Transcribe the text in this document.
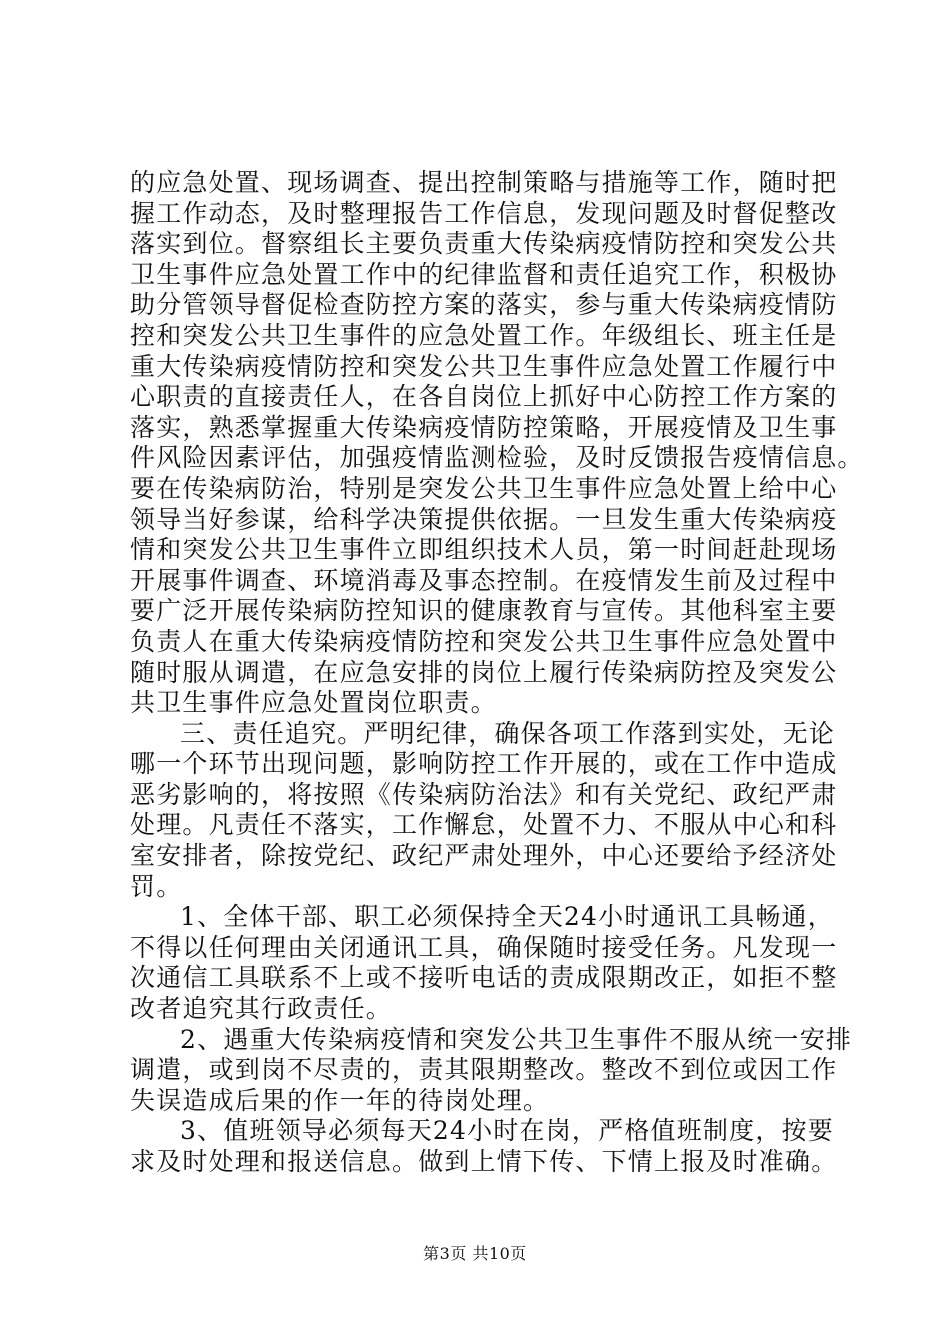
的应急处置、现场调查、提出控制策略与措施等工作，随时把
握工作动态，及时整理报告工作信息，发现问题及时督促整改
落实到位。督察组长主要负责重大传染病疫情防控和突发公共
卫生事件应急处置工作中的纪律监督和责任追究工作，积极协
助分管领导督促检查防控方案的落实，参与重大传染病疫情防
控和突发公共卫生事件的应急处置工作。年级组长、班主任是
重大传染病疫情防控和突发公共卫生事件应急处置工作履行中
心职责的直接责任人，在各自岗位上抓好中心防控工作方案的
落实，熟悉掌握重大传染病疫情防控策略，开展疫情及卫生事
件风险因素评估，加强疫情监测检验，及时反馈报告疫情信息。
要在传染病防治，特别是突发公共卫生事件应急处置上给中心
领导当好参谋，给科学决策提供依据。一旦发生重大传染病疫
情和突发公共卫生事件立即组织技术人员，第一时间赶赴现场
开展事件调查、环境消毒及事态控制。在疫情发生前及过程中
要广泛开展传染病防控知识的健康教育与宣传。其他科室主要
负责人在重大传染病疫情防控和突发公共卫生事件应急处置中
随时服从调遣，在应急安排的岗位上履行传染病防控及突发公
共卫生事件应急处置岗位职责。
三、责任追究。严明纪律，确保各项工作落到实处，无论
哪一个环节出现问题，影响防控工作开展的，或在工作中造成
恶劣影响的，将按照《传染病防治法》和有关党纪、政纪严肃
处理。凡责任不落实，工作懈怠，处置不力、不服从中心和科
室安排者，除按党纪、政纪严肃处理外，中心还要给予经济处
罚。
1、全体干部、职工必须保持全天24小时通讯工具畅通，
不得以任何理由关闭通讯工具，确保随时接受任务。凡发现一
次通信工具联系不上或不接听电话的责成限期改正，如拒不整
改者追究其行政责任。
2、遇重大传染病疫情和突发公共卫生事件不服从统一安排
调遣，或到岗不尽责的，责其限期整改。整改不到位或因工作
失误造成后果的作一年的待岗处理。
3、值班领导必须每天24小时在岗，严格值班制度，按要
求及时处理和报送信息。做到上情下传、下情上报及时准确。
第3页 共10页
